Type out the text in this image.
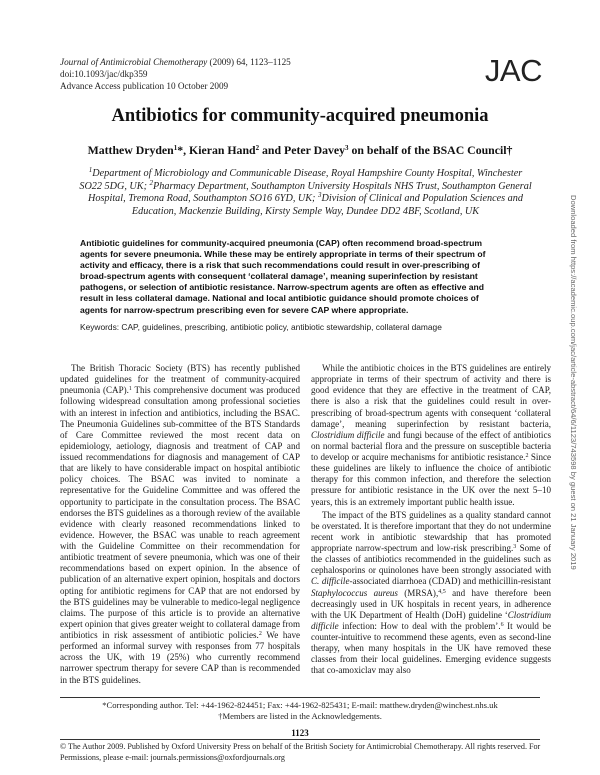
Journal of Antimicrobial Chemotherapy (2009) 64, 1123–1125
doi:10.1093/jac/dkp359
Advance Access publication 10 October 2009	JAC
Antibiotics for community-acquired pneumonia
Matthew Dryden$^1$*, Kieran Hand$^2$ and Peter Davey$^3$ on behalf of the BSAC Council†
$^1$Department of Microbiology and Communicable Disease, Royal Hampshire County Hospital, Winchester SO22 5DG, UK; $^2$Pharmacy Department, Southampton University Hospitals NHS Trust, Southampton General Hospital, Tremona Road, Southampton SO16 6YD, UK; $^3$Division of Clinical and Population Sciences and Education, Mackenzie Building, Kirsty Semple Way, Dundee DD2 4BF, Scotland, UK
Antibiotic guidelines for community-acquired pneumonia (CAP) often recommend broad-spectrum
agents for severe pneumonia. While these may be entirely appropriate in terms of their spectrum of
activity and efficacy, there is a risk that such recommendations could result in over-prescribing of
broad-spectrum agents with consequent ‘collateral damage’, meaning superinfection by resistant
pathogens, or selection of antibiotic resistance. Narrow-spectrum agents are often as effective and
result in less collateral damage. National and local antibiotic guidance should promote choices of
agents for narrow-spectrum prescribing even for severe CAP where appropriate.
Keywords: CAP, guidelines, prescribing, antibiotic policy, antibiotic stewardship, collateral damage

The British Thoracic Society (BTS) has recently published updated guidelines for the treatment of community-acquired pneumonia (CAP).$^1$ This comprehensive document was produced following widespread consultation among professional societies with an interest in infection and antibiotics, including the BSAC. The Pneumonia Guidelines sub-committee of the BTS Standards of Care Committee reviewed the most recent data on epidemiology, aetiology, diagnosis and treatment of CAP and issued recommendations for diagnosis and management of CAP that are likely to have considerable impact on hospital antibiotic policy choices. The BSAC was invited to nominate a representative for the Guideline Committee and was offered the opportunity to participate in the consultation process. The BSAC endorses the BTS guidelines as a thorough review of the available evidence with clearly reasoned recommendations linked to evidence. However, the BSAC was unable to reach agreement with the Guideline Committee on their recommendation for antibiotic treatment of severe pneumonia, which was one of their recommendations based on expert opinion. In the absence of publication of an alternative expert opinion, hospitals and doctors opting for antibiotic regimens for CAP that are not endorsed by the BTS guidelines may be vulnerable to medico-legal negligence claims. The purpose of this article is to provide an alternative expert opinion that gives greater weight to collateral damage from antibiotics in risk assessment of antibiotic policies.$^2$ We have performed an informal survey with responses from 77 hospitals across the UK, with 19 (25%) who currently recommend narrower spectrum therapy for severe CAP than is recommended in the BTS guidelines.

While the antibiotic choices in the BTS guidelines are entirely appropriate in terms of their spectrum of activity and there is good evidence that they are effective in the treatment of CAP, there is also a risk that the guidelines could result in over-prescribing of broad-spectrum agents with consequent ‘collateral damage’, meaning superinfection by resistant bacteria, Clostridium difficile and fungi because of the effect of antibiotics on normal bacterial flora and the pressure on susceptible bacteria to develop or acquire mechanisms for antibiotic resistance.$^2$ Since these guidelines are likely to influence the choice of antibiotic therapy for this common infection, and therefore the selection pressure for antibiotic resistance in the UK over the next 5–10 years, this is an extremely important public health issue.

The impact of the BTS guidelines as a quality standard cannot be overstated. It is therefore important that they do not undermine recent work in antibiotic stewardship that has promoted appropriate narrow-spectrum and low-risk prescribing.$^3$ Some of the classes of antibiotics recommended in the guidelines such as cephalosporins or quinolones have been strongly associated with C. difficile-associated diarrhoea (CDAD) and methicillin-resistant Staphylococcus aureus (MRSA),$^{4,5}$ and have therefore been decreasingly used in UK hospitals in recent years, in adherence with the UK Department of Health (DoH) guideline ‘Clostridium difficile infection: How to deal with the problem’.$^6$ It would be counter-intuitive to recommend these agents, even as second-line therapy, when many hospitals in the UK have removed these classes from their local guidelines. Emerging evidence suggests that co-amoxiclav may also

*Corresponding author. Tel: +44-1962-824451; Fax: +44-1962-825431; E-mail: matthew.dryden@winchest.nhs.uk
†Members are listed in the Acknowledgements.
1123
© The Author 2009. Published by Oxford University Press on behalf of the British Society for Antimicrobial Chemotherapy. All rights reserved. For Permissions, please e-mail: journals.permissions@oxfordjournals.org
Downloaded from https://academic.oup.com/jac/article-abstract/64/6/1123/743598 by guest on 21 January 2019
